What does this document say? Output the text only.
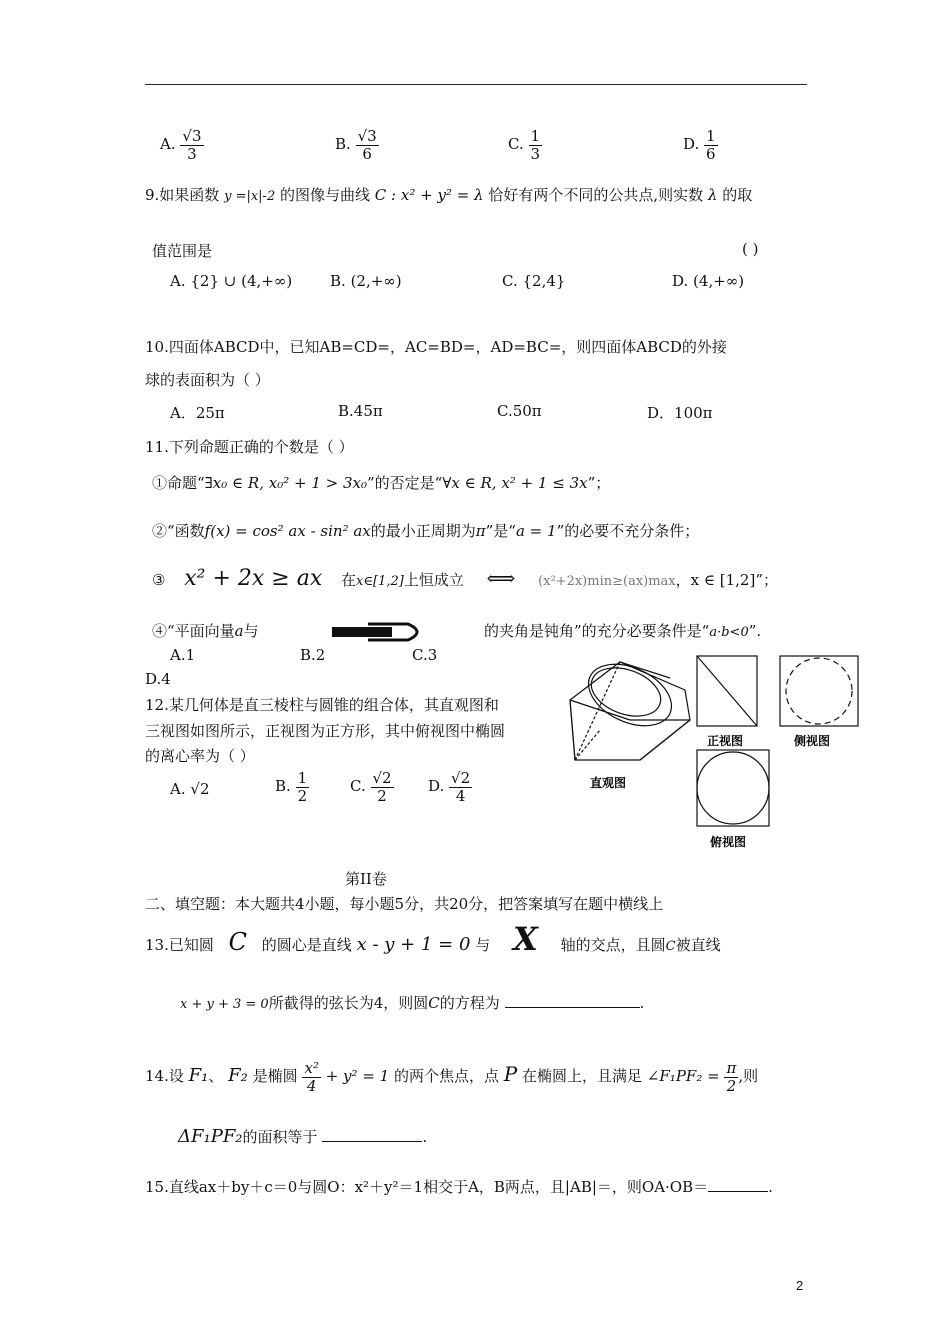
A. $\frac{√3}{3}$	B. $\frac{√3}{6}$	C. $\frac{1}{3}$	D. $\frac{1}{6}$
9.如果函数 y =|x|-2 的图像与曲线 C : x² + y² = λ 恰好有两个不同的公共点,则实数 λ 的取
值范围是	( )
A. {2} ∪ (4,+∞)	B. (2,+∞)	C. {2,4}	D. (4,+∞)
10.四面体ABCD中，已知AB=CD=，AC=BD=，AD=BC=，则四面体ABCD的外接
球的表面积为（ ）
A．25π	B.45π	C.50π	D．100π
11.下列命题正确的个数是（ ）
①命题“∃x₀ ∈ R, x₀² + 1 > 3x₀”的否定是“∀x ∈ R, x² + 1 ≤ 3x”；
②“函数f(x) = cos² ax - sin² ax的最小正周期为π”是“a = 1”的必要不充分条件；
③ x² + 2x ≥ ax 在x∈[1,2]上恒成立 ⟺ (x²+2x)min≥(ax)max，x ∈ [1,2]”；
④“平面向量a与	的夹角是钝角”的充分必要条件是“a·b<0”.
A.1	B.2	C.3
D.4
12.某几何体是直三棱柱与圆锥的组合体，其直观图和
三视图如图所示，正视图为正方形，其中俯视图中椭圆
的离心率为（ ）
A. √2	B. $\frac{1}{2}$	C. $\frac{√2}{2} D$. $\frac{√2}{4}$	直观图
正视图	侧视图
俯视图
第II卷
二、填空题：本大题共4小题，每小题5分，共20分，把答案填写在题中横线上
13.已知圆 C 的圆心是直线 x - y + 1 = 0 与 X 轴的交点，且圆C被直线
x + y + 3 = 0所截得的弦长为4，则圆C的方程为	.
14.设 F₁、 F₂ 是椭圆 $\frac{\text{x²}}{4} + y^2 = 1$ 的两个焦点，点 P 在椭圆上，且满足 ∠F₁PF₂ = $\frac{\pi}{2}$ ,则
ΔF₁PF₂的面积等于	.
15.直线ax＋by＋c＝0与圆O：x²＋y²＝1相交于A，B两点，且|AB|＝，则OA·OB＝	.
2
